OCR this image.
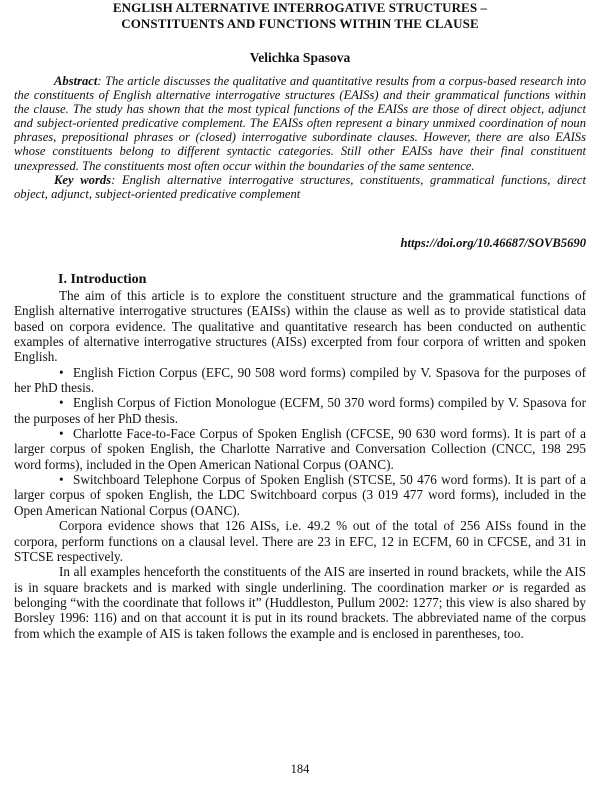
ENGLISH ALTERNATIVE INTERROGATIVE STRUCTURES –
CONSTITUENTS AND FUNCTIONS WITHIN THE CLAUSE
Velichka Spasova

Abstract: The article discusses the qualitative and quantitative results from a corpus-based research into the constituents of English alternative interrogative structures (EAISs) and their grammatical functions within the clause. The study has shown that the most typical functions of the EAISs are those of direct object, adjunct and subject-oriented predicative complement. The EAISs often represent a binary unmixed coordination of noun phrases, prepositional phrases or (closed) interrogative subordinate clauses. However, there are also EAISs whose constituents belong to different syntactic categories. Still other EAISs have their final constituent unexpressed. The constituents most often occur within the boundaries of the same sentence.

Key words: English alternative interrogative structures, constituents, grammatical functions, direct object, adjunct, subject-oriented predicative complement

https://doi.org/10.46687/SOVB5690
I. Introduction

The aim of this article is to explore the constituent structure and the grammatical functions of English alternative interrogative structures (EAISs) within the clause as well as to provide statistical data based on corpora evidence. The qualitative and quantitative research has been conducted on authentic examples of alternative interrogative structures (AISs) excerpted from four corpora of written and spoken English.

• English Fiction Corpus (EFC, 90 508 word forms) compiled by V. Spasova for the purposes of her PhD thesis.

• English Corpus of Fiction Monologue (ECFM, 50 370 word forms) compiled by V. Spasova for the purposes of her PhD thesis.

• Charlotte Face-to-Face Corpus of Spoken English (CFCSE, 90 630 word forms). It is part of a larger corpus of spoken English, the Charlotte Narrative and Conversation Collection (CNCC, 198 295 word forms), included in the Open American National Corpus (OANC).

• Switchboard Telephone Corpus of Spoken English (STCSE, 50 476 word forms). It is part of a larger corpus of spoken English, the LDC Switchboard corpus (3 019 477 word forms), included in the Open American National Corpus (OANC).

Corpora evidence shows that 126 AISs, i.e. 49.2 % out of the total of 256 AISs found in the corpora, perform functions on a clausal level. There are 23 in EFC, 12 in ECFM, 60 in CFCSE, and 31 in STCSE respectively.

In all examples henceforth the constituents of the AIS are inserted in round brackets, while the AIS is in square brackets and is marked with single underlining. The coordination marker or is regarded as belonging “with the coordinate that follows it” (Huddleston, Pullum 2002: 1277; this view is also shared by Borsley 1996: 116) and on that account it is put in its round brackets. The abbreviated name of the corpus from which the example of AIS is taken follows the example and is enclosed in parentheses, too.

184
